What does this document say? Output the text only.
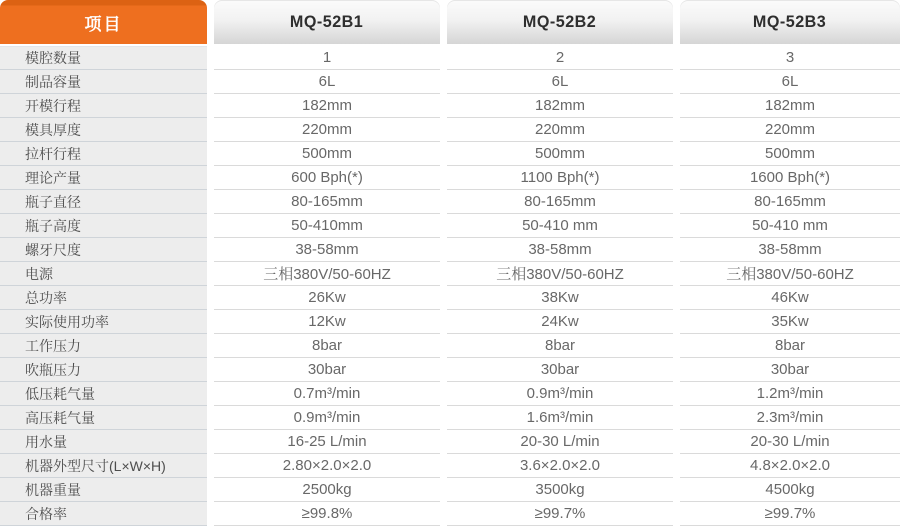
项目	MQ-52B1	MQ-52B2	MQ-52B3
模腔数量	1	2	3
制品容量	6L	6L	6L
开模行程	182mm	182mm	182mm
模具厚度	220mm	220mm	220mm
拉杆行程	500mm	500mm	500mm
理论产量	600 Bph(*)	1100 Bph(*)	1600 Bph(*)
瓶子直径	80-165mm	80-165mm	80-165mm
瓶子高度	50-410mm	50-410 mm	50-410 mm
螺牙尺度	38-58mm	38-58mm	38-58mm
电源	三相380V/50-60HZ	三相380V/50-60HZ	三相380V/50-60HZ
总功率	26Kw	38Kw	46Kw
实际使用功率	12Kw	24Kw	35Kw
工作压力	8bar	8bar	8bar
吹瓶压力	30bar	30bar	30bar
低压耗气量	0.7m³/min	0.9m³/min	1.2m³/min
高压耗气量	0.9m³/min	1.6m³/min	2.3m³/min
用水量	16-25 L/min	20-30 L/min	20-30 L/min
机器外型尺寸(L×W×H)	2.80×2.0×2.0	3.6×2.0×2.0	4.8×2.0×2.0
机器重量	2500kg	3500kg	4500kg
合格率	≥99.8%	≥99.7%	≥99.7%
